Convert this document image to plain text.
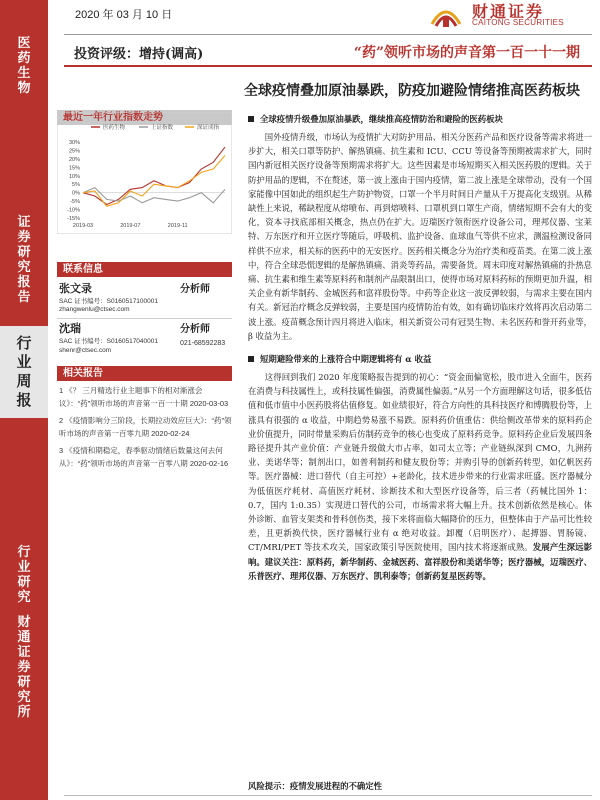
医
药
生
物
证
券
研
究
报
告
行
业
周
报
行
业
研
究
财
通
证
券
研
究
所
2020 年 03 月 10 日	财通证券
CAITONG SECURITIES
投资评级：增持(调高)	“药”领听市场的声音第一百一十一期
全球疫情叠加原油暴跌，防疫加避险情绪推高医药板块
最近一年行业指数走势
30%
25%
20%
15%
10%
5%
0%
-5%
-10%
-15%
2019-03	2019-07	2019-11
医药生物	上证指数	深证成指
联系信息
张文录	分析师
SAC 证书编号：S0160517100001
zhangwenlu@ctsec.com
沈瑞	分析师
SAC 证书编号：S0160517040001	021-68592283
shenr@ctsec.com
相关报告
1 《？ 三月精选行业主题事下的相对渐涨会议》：“药”领听市场的声音第一百一十期 2020-03-03
2 《疫情影响分三阶段，长期拉动效应巨大》：“药”领听市场的声音第一百零九期 2020-02-24
3 《疫情和期稳定，春季驱动情绪后数量这何去何从》：“药”领听市场的声音第一百零八期 2020-02-16
全球疫情升级叠加原油暴跌，继续推高疫情防治和避险的医药板块
国外疫情升级，市场认为疫情扩大对防护用品、相关分医药产品和医疗设备等需求将进一步扩大，相关口罩等防护、解热镇痛、抗生素和 ICU、CCU 等设备等预期被需求扩大，同时国内新冠相关医疗设备等预期需求将扩大。这些因素是市场短期买入相关医药股的逻辑。关于防护用品的逻辑，不在赘述，第一波上涨由于国内疫情，第二波上涨是全球带动，没有一个国家能像中国如此的组织起生产防护物资，口罩一个半月时间日产量从千万提高化支级别。从稀缺性上来说，稀缺程度从熔喷布、再到熔喷料、口罩机到口罩生产商，情绪短期不会有大的变化，资本寻找底部相关概念，热点仍在扩大。迈瑞医疗领衔医疗设备公司，理邦仪器、宝莱特、万东医疗和开立医疗等随后，呼吸机、监护设备、血球血气等供不应求，测温检测设备同样供不应求，相关标的医药中的无安医疗。医药相关概念分为治疗类和疫苗类。在第二波上涨中，符合全球恐慌逻辑的是解热镇痛、消炎等药品，需要备货。周末印度对解热镇痛的扑热息痛、抗生素和维生素等原料药和制剂产品限制出口，使得市场对原料药标的预期更加升温，相关企业有新华制药、金城医药和富祥股份等。中药等企业这一波反弹较弱，与需求主要在国内有关。新冠治疗概念反弹较弱，主要是国内疫情防治有效，如有确切临床疗效将再次启动第二波上涨。疫苗概念预计四月将进入临床，相关新资公司有冠昊生物、未名医药和誉开药业等，β 收益为主。
短期避险带来的上涨符合中期逻辑将有 α 收益
这得回到我们 2020 年度策略报告提到的初心：“资金面偏宽松，股市进入全面牛，医药在消费与科技属性上，或科技属性偏强，消费属性偏弱。”从另一个方面理解这句话，很多低估值和低市值中小医药股将估值修复。如业绩很好，符合方向性的具科技医疗和博腾股份等，上涨具有很强的 α 收益，中期趋势易涨不易跌。原料药价值重估：供给侧改革带来的原料药企业价值提升，同时带量采购后仿制药竞争的核心也变成了原料药竞争。原料药企业后发展四条路径提升其产业价值：产业链升级做大市占率，如司太立等；产业链纵深到 CMO，九洲药业、美诺华等；制剂出口，如普利制药和健友股份等；并购引导的创新药转型，如亿帆医药等。医疗器械：进口替代（自主可控）+老龄化，技术进步带来的行业需求旺盛。医疗器械分为低值医疗耗材、高值医疗耗材、诊断技术和大型医疗设备等，后三者（药械比国外 1：0.7，国内 1:0.35）实现进口替代的公司，市场需求将大幅上升。技术创新依然是核心。体外诊断、血管支架类和骨科创伤类，接下来将面临大幅降价的压力，但整体由于产品可比性较差，且更新换代快，医疗器械行业有 α 绝对收益。卸覆（启明医疗）、起搏器、胃肠镜、CT/MRI/PET 等技术攻关，国家政策引导医院使用，国内技术将逐渐成熟。发展产生深远影响。建议关注：原料药，新华制药、金城医药、富祥股份和美诺华等；医疗器械，迈瑞医疗、乐普医疗、理邦仪器、万东医疗、凯利泰等；创新药复星医药等。
风险提示：疫情发展进程的不确定性
